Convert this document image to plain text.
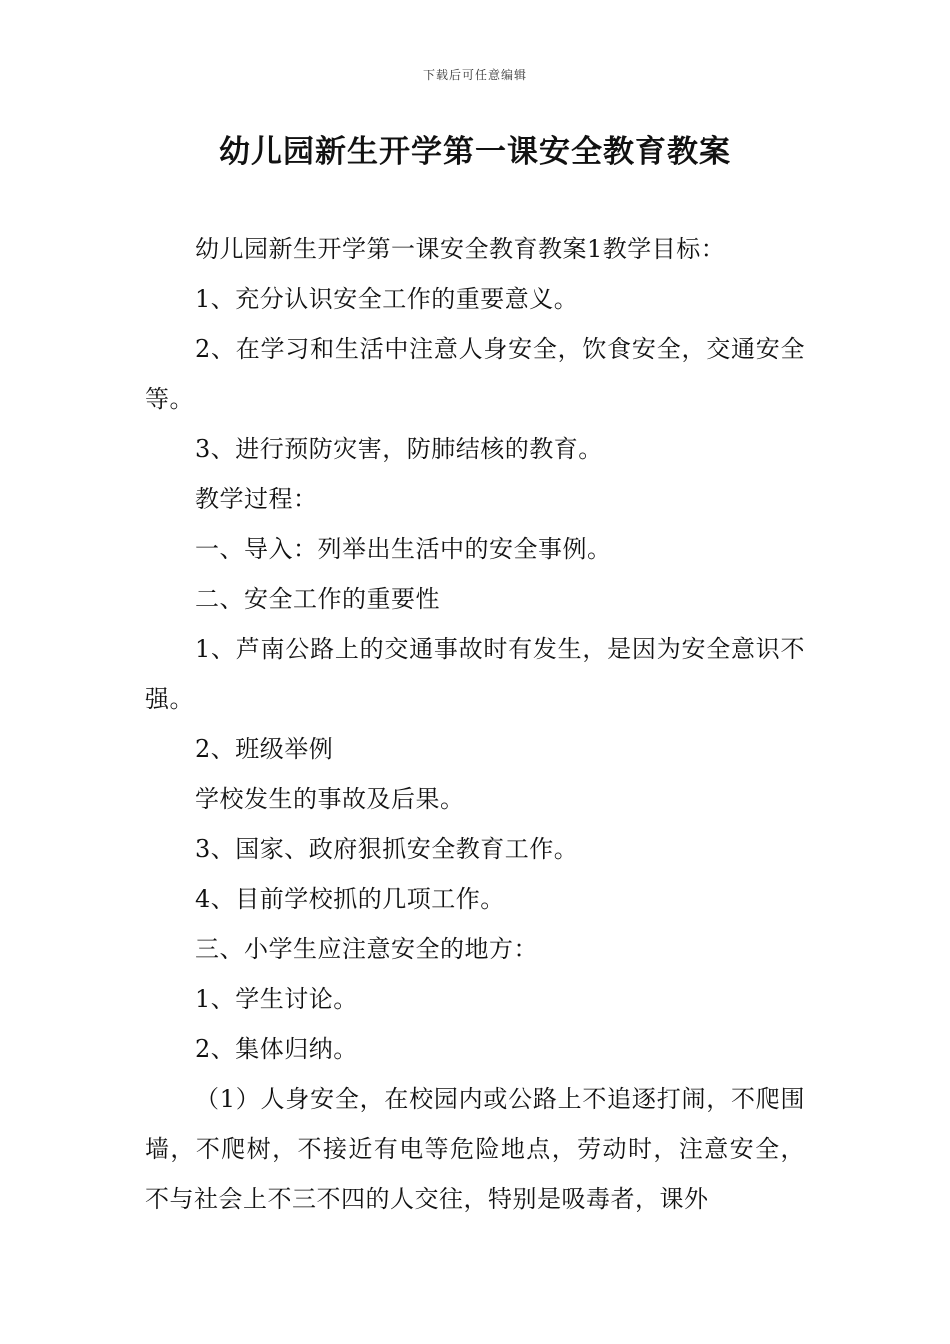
下载后可任意编辑
幼儿园新生开学第一课安全教育教案

幼儿园新生开学第一课安全教育教案1教学目标：

1、充分认识安全工作的重要意义。

2、在学习和生活中注意人身安全，饮食安全，交通安全等。

3、进行预防灾害，防肺结核的教育。

教学过程：

一、导入：列举出生活中的安全事例。

二、安全工作的重要性

1、芦南公路上的交通事故时有发生，是因为安全意识不强。

2、班级举例

学校发生的事故及后果。

3、国家、政府狠抓安全教育工作。

4、目前学校抓的几项工作。

三、小学生应注意安全的地方：

1、学生讨论。

2、集体归纳。

（1）人身安全，在校园内或公路上不追逐打闹，不爬围墙，不爬树，不接近有电等危险地点，劳动时，注意安全，不与社会上不三不四的人交往，特别是吸毒者，课外
